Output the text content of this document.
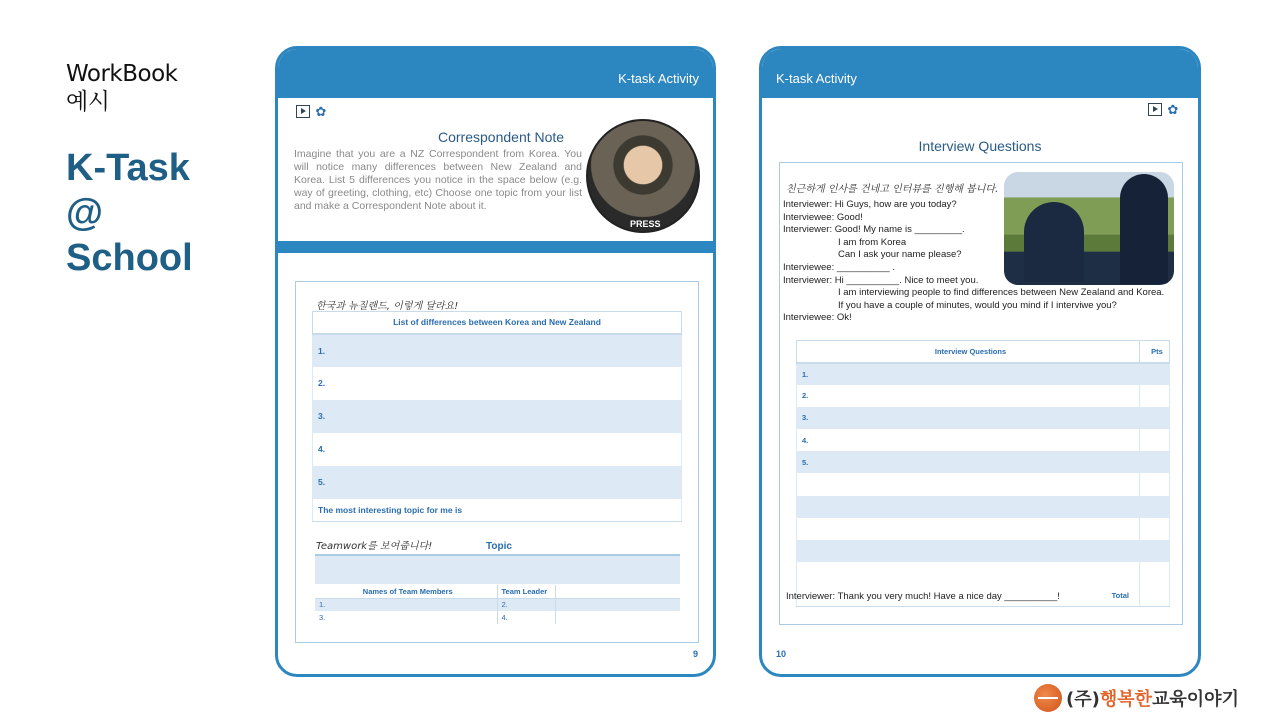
WorkBook
예시
K-Task
@
School
K-task Activity
✿
Correspondent Note
Imagine that you are a NZ Correspondent from Korea. You will notice many differences between New Zealand and Korea. List 5 differences you notice in the space below (e.g. way of greeting, clothing, etc) Choose one topic from your list and make a Correspondent Note about it.
PRESS
한국과 뉴질랜드, 이렇게 달라요!
List of differences between Korea and New Zealand
1.
2.
3.
4.
5.
The most interesting topic for me is
Teamwork를 보여줍니다!	Topic
Names of Team Members	Team Leader	
1.	2.	
3.	4.	
9
K-task Activity
✿
Interview Questions
친근하게 인사를 건네고 인터뷰를 진행해 봅니다.
Interviewer: Hi Guys, how are you today?
Interviewee: Good!
Interviewer: Good! My name is _________.
I am from Korea
Can I ask your name please?
Interviewee: __________ .
Interviewer: Hi __________. Nice to meet you.
I am interviewing people to find differences between New Zealand and Korea.
If you have a couple of minutes, would you mind if I interviwe you?
Interviewee: Ok!
Interview Questions	Pts
1.	
2.	
3.	
4.	
5.	

Total	
Interviewer: Thank you very much! Have a nice day __________!
10
(주)행복한교육이야기
